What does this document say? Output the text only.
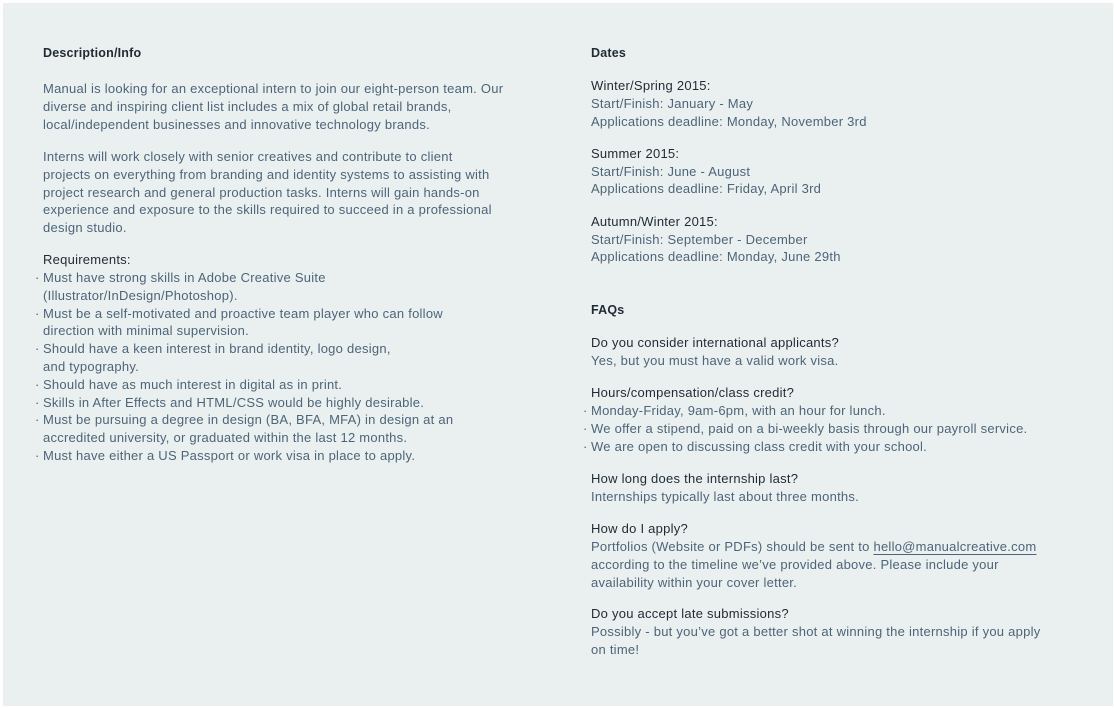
Description/Info

Manual is looking for an exceptional intern to join our eight-person team. Our diverse and inspiring client list includes a mix of global retail brands, local/independent businesses and innovative technology brands.

Interns will work closely with senior creatives and contribute to client projects on everything from branding and identity systems to assisting with project research and general production tasks. Interns will gain hands-on experience and exposure to the skills required to succeed in a professional design studio.

Requirements:
· Must have strong skills in Adobe Creative Suite (Illustrator/InDesign/Photoshop).
· Must be a self-motivated and proactive team player who can follow direction with minimal supervision.
· Should have a keen interest in brand identity, logo design, and typography.
· Should have as much interest in digital as in print.
· Skills in After Effects and HTML/CSS would be highly desirable.
· Must be pursuing a degree in design (BA, BFA, MFA) in design at an accredited university, or graduated within the last 12 months.
· Must have either a US Passport or work visa in place to apply.
Dates
Winter/Spring 2015:
Start/Finish: January - May
Applications deadline: Monday, November 3rd
Summer 2015:
Start/Finish: June - August
Applications deadline: Friday, April 3rd
Autumn/Winter 2015:
Start/Finish: September - December
Applications deadline: Monday, June 29th
FAQs
Do you consider international applicants?
Yes, but you must have a valid work visa.
Hours/compensation/class credit?
· Monday-Friday, 9am-6pm, with an hour for lunch.
· We offer a stipend, paid on a bi-weekly basis through our payroll service.
· We are open to discussing class credit with your school.
How long does the internship last?
Internships typically last about three months.
How do I apply?

Portfolios (Website or PDFs) should be sent to hello@manualcreative.com according to the timeline we’ve provided above. Please include your availability within your cover letter.

Do you accept late submissions?

Possibly - but you’ve got a better shot at winning the internship if you apply on time!
